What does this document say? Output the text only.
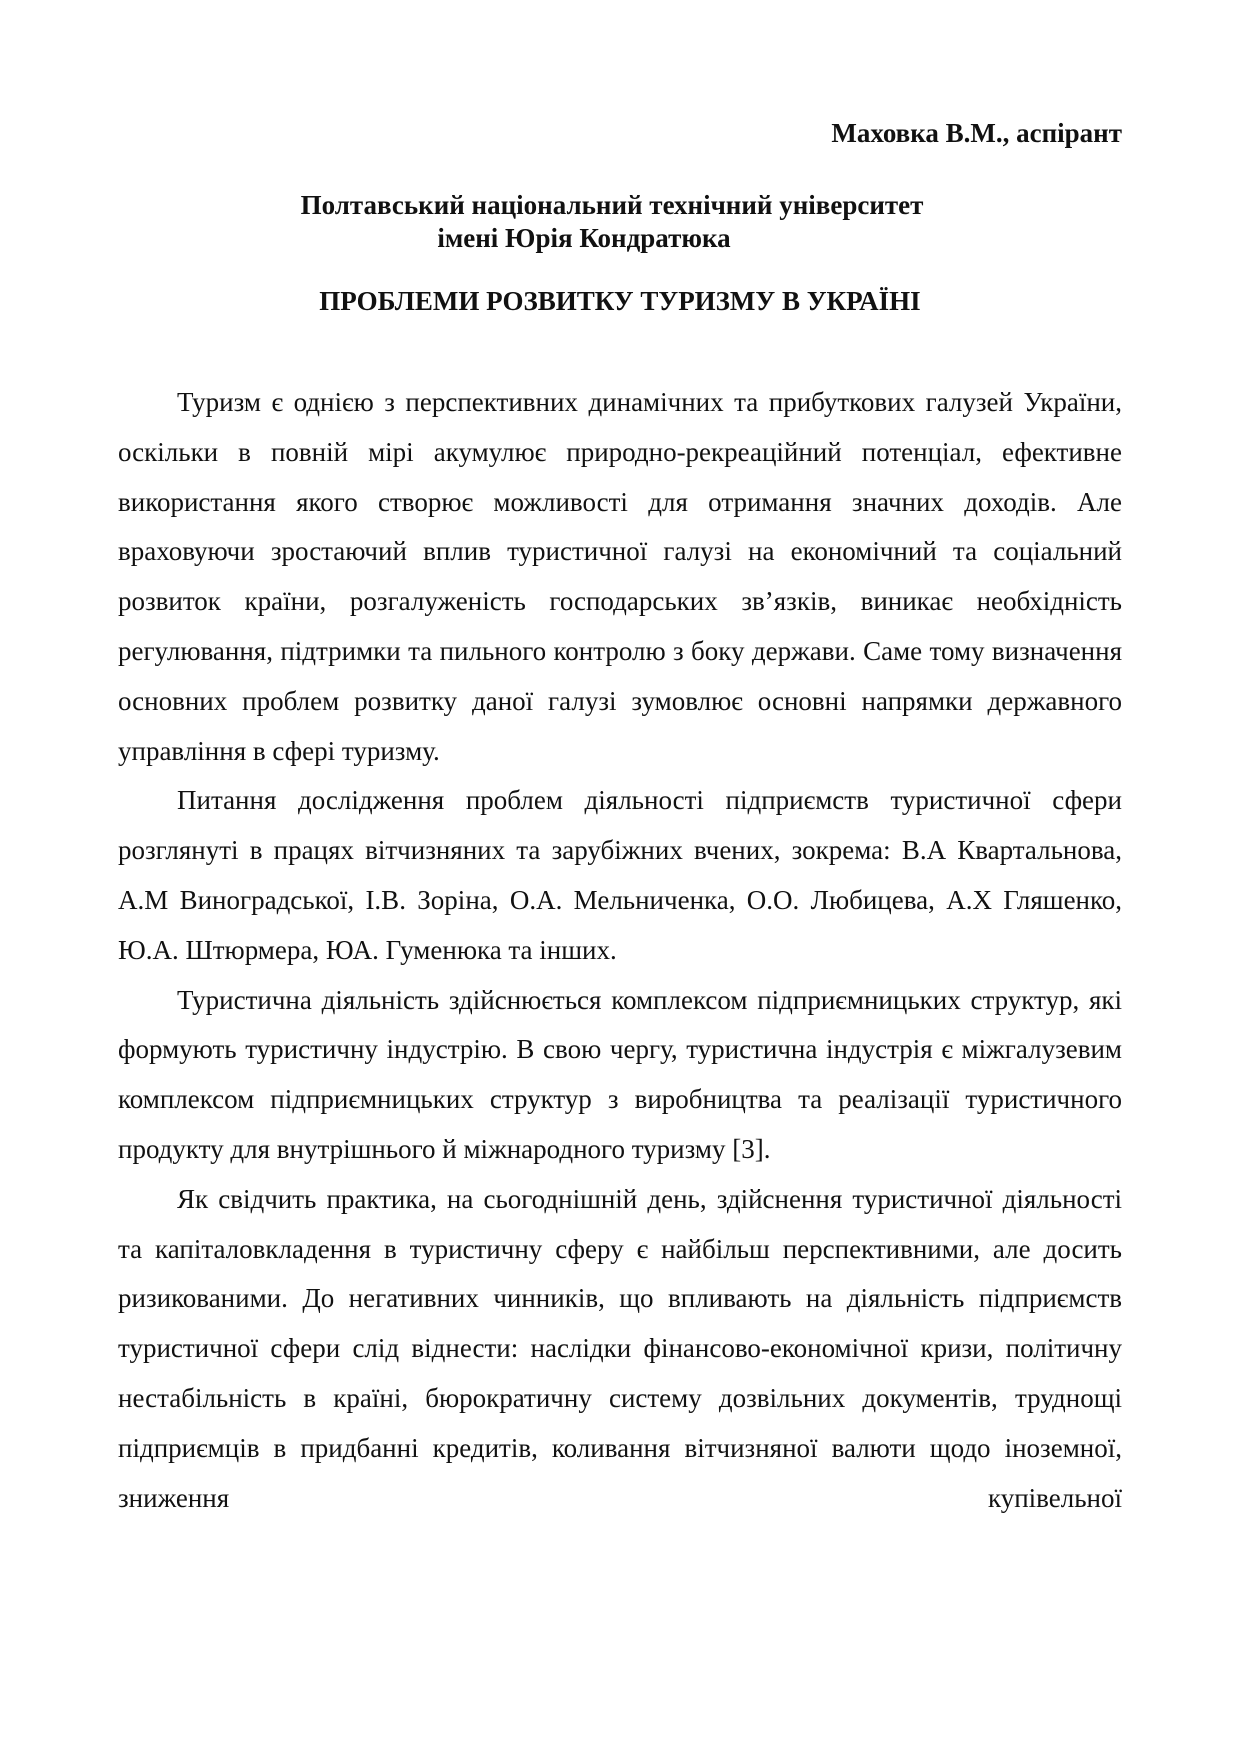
Маховка В.М., аспірант
Полтавський національний технічний університет
імені Юрія Кондратюка
ПРОБЛЕМИ РОЗВИТКУ ТУРИЗМУ В УКРАЇНІ

Туризм є однією з перспективних динамічних та прибуткових галузей України, оскільки в повній мірі акумулює природно-рекреаційний потенціал, ефективне використання якого створює можливості для отримання значних доходів. Але враховуючи зростаючий вплив туристичної галузі на економічний та соціальний розвиток країни, розгалуженість господарських зв’язків, виникає необхідність регулювання, підтримки та пильного контролю з боку держави. Саме тому визначення основних проблем розвитку даної галузі зумовлює основні напрямки державного управління в сфері туризму.

Питання дослідження проблем діяльності підприємств туристичної сфери розглянуті в працях вітчизняних та зарубіжних вчених, зокрема: В.А Квартальнова, А.М Виноградської, І.В. Зоріна, О.А. Мельниченка, О.О. Любицева, А.Х Гляшенко, Ю.А. Штюрмера, ЮА. Гуменюка та інших.

Туристична діяльність здійснюється комплексом підприємницьких структур, які формують туристичну індустрію. В свою чергу, туристична індустрія є міжгалузевим комплексом підприємницьких структур з виробництва та реалізації туристичного продукту для внутрішнього й міжнародного туризму [3].

Як свідчить практика, на сьогоднішній день, здійснення туристичної діяльності та капіталовкладення в туристичну сферу є найбільш перспективними, але досить ризикованими. До негативних чинників, що впливають на діяльність підприємств туристичної сфери слід віднести: наслідки фінансово-економічної кризи, політичну нестабільність в країні, бюрократичну систему дозвільних документів, труднощі підприємців в придбанні кредитів, коливання вітчизняної валюти щодо іноземної, зниження купівельної
